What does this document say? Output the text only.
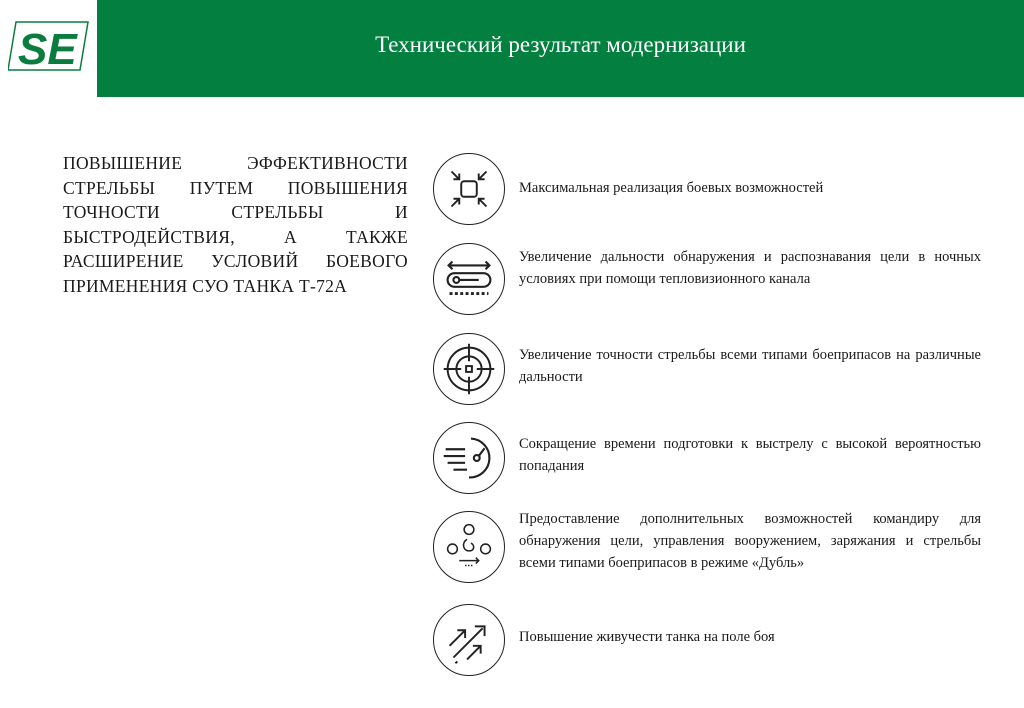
SE	Технический результат модернизации
ПОВЫШЕНИЕ ЭФФЕКТИВНОСТИ СТРЕЛЬБЫ ПУТЕМ ПОВЫШЕНИЯ ТОЧНОСТИ СТРЕЛЬБЫ И БЫСТРОДЕЙСТВИЯ, А ТАКЖЕ РАСШИРЕНИЕ УСЛОВИЙ БОЕВОГО ПРИМЕНЕНИЯ СУО ТАНКА Т-72А
Максимальная реализация боевых возможностей
Увеличение дальности обнаружения и распознавания цели в ночных условиях при помощи тепловизионного канала
Увеличение точности стрельбы всеми типами боеприпасов на различные дальности
Сокращение времени подготовки к выстрелу с высокой вероятностью попадания
Предоставление дополнительных возможностей командиру для обнаружения цели, управления вооружением, заряжания и стрельбы всеми типами боеприпасов в режиме «Дубль»
Повышение живучести танка на поле боя
